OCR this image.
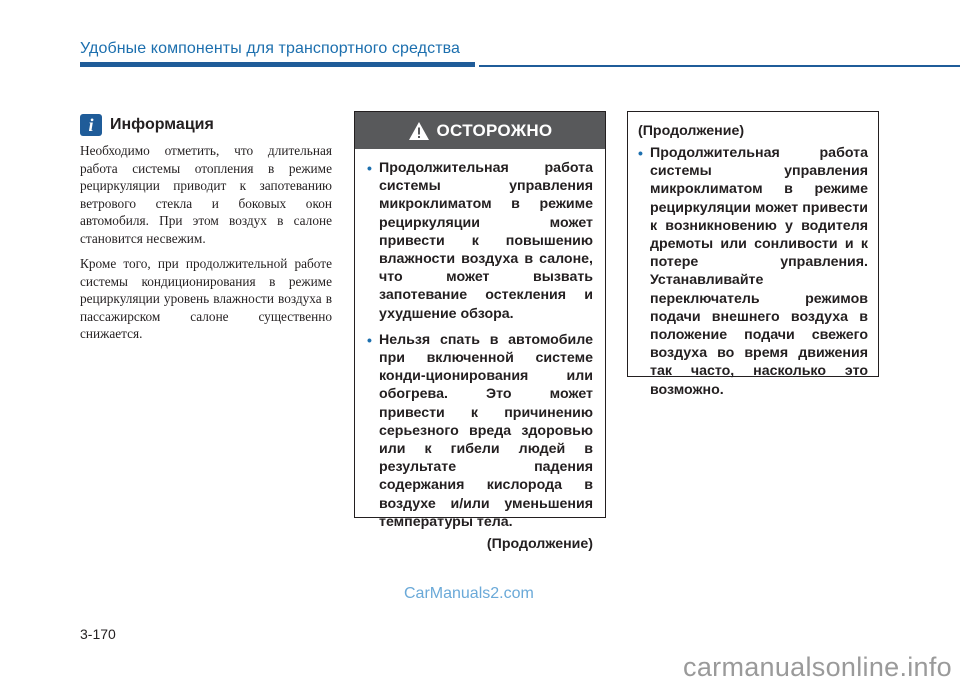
Удобные компоненты для транспортного средства
i	Информация

Необходимо отметить, что длительная работа системы отопления в режиме рециркуляции приводит к запотеванию ветрового стекла и боковых окон автомобиля. При этом воздух в салоне становится несвежим.

Кроме того, при продолжительной работе системы кондиционирования в режиме рециркуляции уровень влажности воздуха в пассажирском салоне существенно снижается.

ОСТОРОЖНО
• Продолжительная работа системы управления микроклиматом в режиме рециркуляции может привести к повышению влажности воздуха в салоне, что может вызвать запотевание остекления и ухудшение обзора.
• Нельзя спать в автомобиле при включенной системе конди-ционирования или обогрева. Это может привести к причинению серьезного вреда здоровью или к гибели людей в результате падения содержания кислорода в воздухе и/или уменьшения температуры тела.
(Продолжение)
(Продолжение)
• Продолжительная работа системы управления микроклиматом в режиме рециркуляции может привести к возникновению у водителя дремоты или сонливости и к потере управления. Устанавливайте переключатель режимов подачи внешнего воздуха в положение подачи свежего воздуха во время движения так часто, насколько это возможно.
CarManuals2.com
3-170
carmanualsonline.info
